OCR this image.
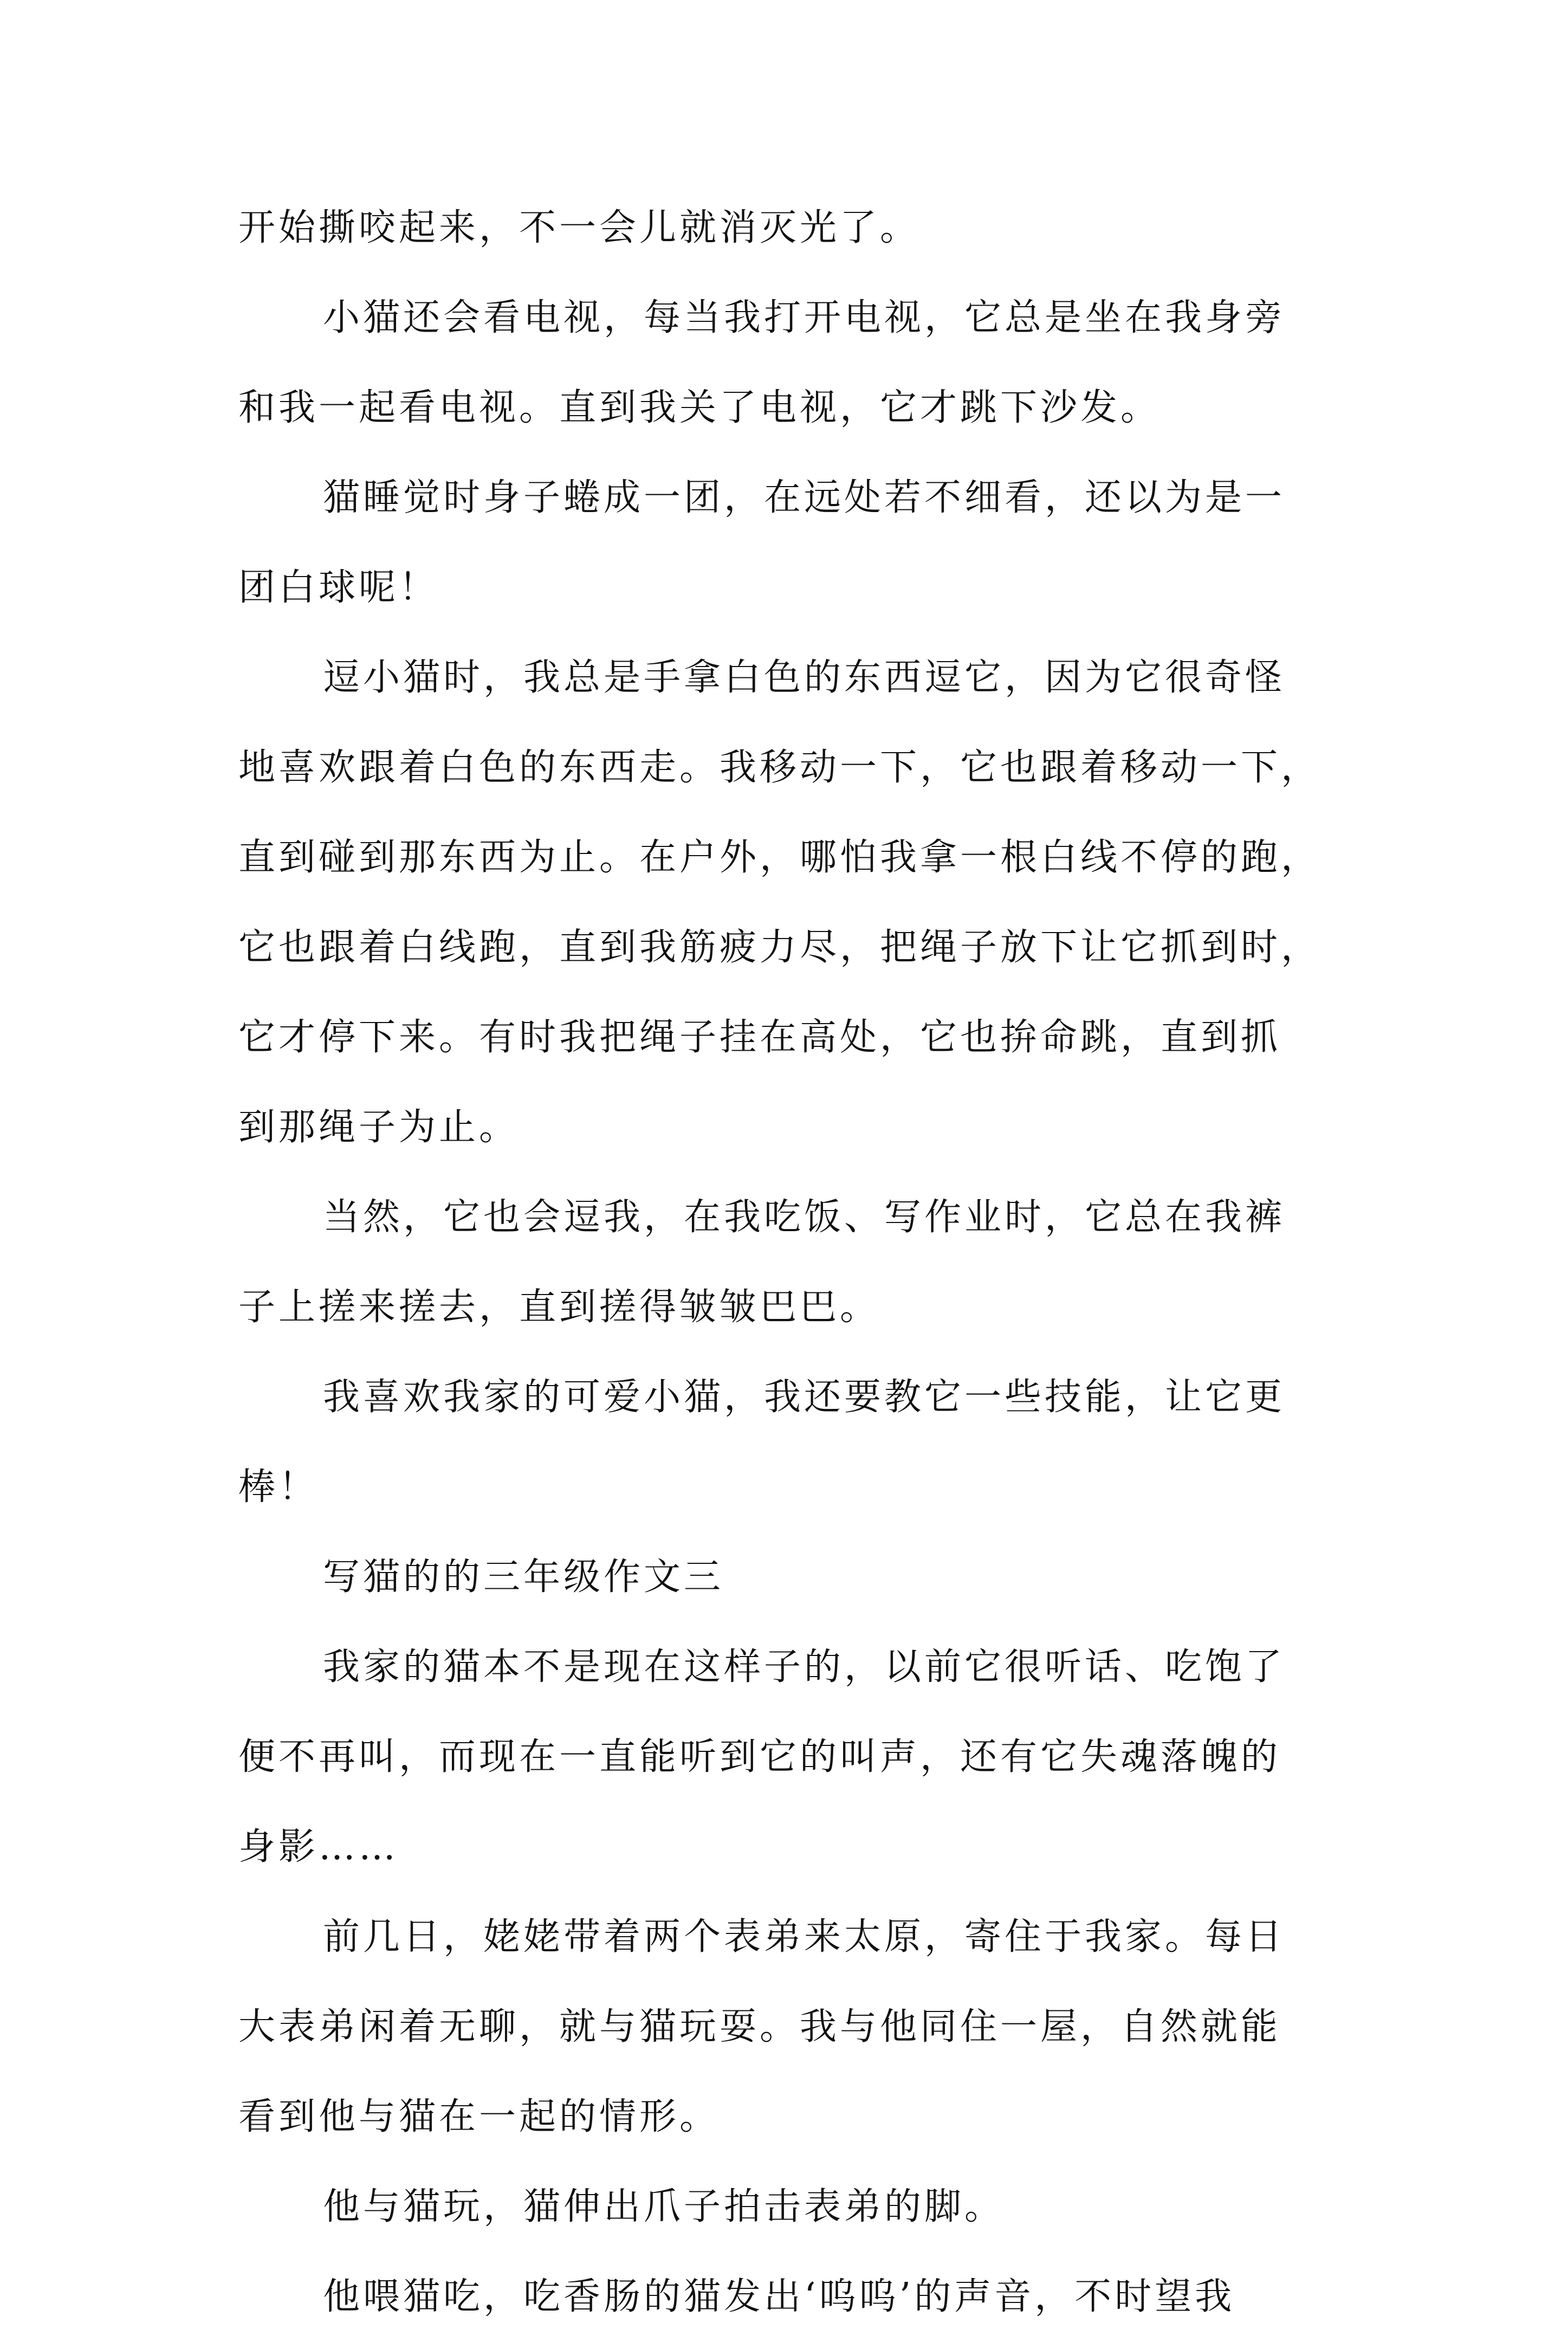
开始撕咬起来，不一会儿就消灭光了。
小猫还会看电视，每当我打开电视，它总是坐在我身旁
和我一起看电视。直到我关了电视，它才跳下沙发。
猫睡觉时身子蜷成一团，在远处若不细看，还以为是一
团白球呢！
逗小猫时，我总是手拿白色的东西逗它，因为它很奇怪
地喜欢跟着白色的东西走。我移动一下，它也跟着移动一下，
直到碰到那东西为止。在户外，哪怕我拿一根白线不停的跑，
它也跟着白线跑，直到我筋疲力尽，把绳子放下让它抓到时，
它才停下来。有时我把绳子挂在高处，它也拚命跳，直到抓
到那绳子为止。
当然，它也会逗我，在我吃饭、写作业时，它总在我裤
子上搓来搓去，直到搓得皱皱巴巴。
我喜欢我家的可爱小猫，我还要教它一些技能，让它更
棒！
写猫的的三年级作文三
我家的猫本不是现在这样子的，以前它很听话、吃饱了
便不再叫，而现在一直能听到它的叫声，还有它失魂落魄的
身影……
前几日，姥姥带着两个表弟来太原，寄住于我家。每日
大表弟闲着无聊，就与猫玩耍。我与他同住一屋，自然就能
看到他与猫在一起的情形。
他与猫玩，猫伸出爪子拍击表弟的脚。
他喂猫吃，吃香肠的猫发出‘呜呜’的声音，不时望我
